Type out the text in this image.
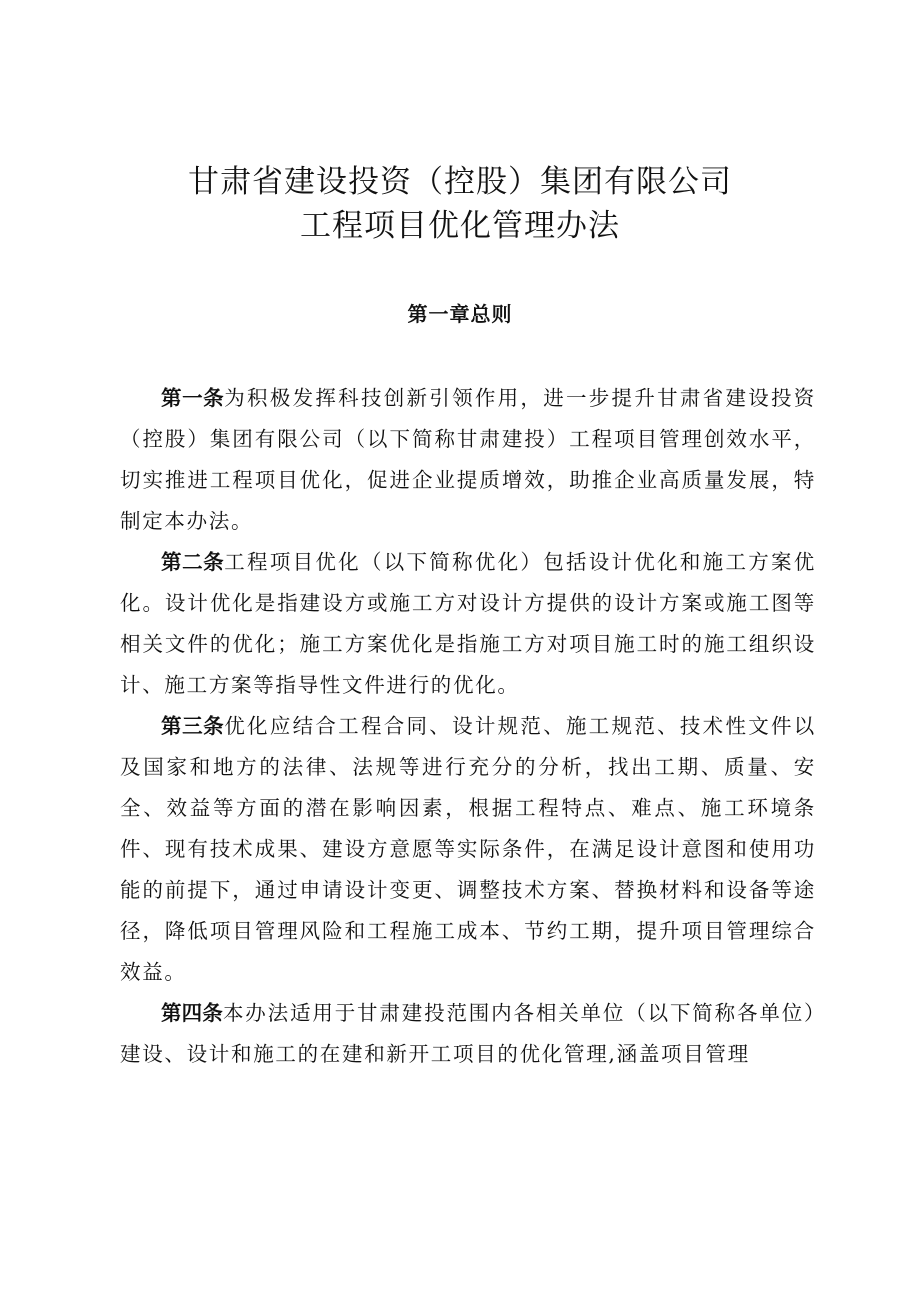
甘肃省建设投资（控股）集团有限公司
工程项目优化管理办法
第一章总则

第一条为积极发挥科技创新引领作用，进一步提升甘肃省建设投资（控股）集团有限公司（以下简称甘肃建投）工程项目管理创效水平，切实推进工程项目优化，促进企业提质增效，助推企业高质量发展，特制定本办法。

第二条工程项目优化（以下简称优化）包括设计优化和施工方案优化。设计优化是指建设方或施工方对设计方提供的设计方案或施工图等相关文件的优化；施工方案优化是指施工方对项目施工时的施工组织设计、施工方案等指导性文件进行的优化。

第三条优化应结合工程合同、设计规范、施工规范、技术性文件以及国家和地方的法律、法规等进行充分的分析，找出工期、质量、安全、效益等方面的潜在影响因素，根据工程特点、难点、施工环境条件、现有技术成果、建设方意愿等实际条件，在满足设计意图和使用功能的前提下，通过申请设计变更、调整技术方案、替换材料和设备等途径，降低项目管理风险和工程施工成本、节约工期，提升项目管理综合效益。

第四条本办法适用于甘肃建投范围内各相关单位（以下简称各单位）建设、设计和施工的在建和新开工项目的优化管理,涵盖项目管理
